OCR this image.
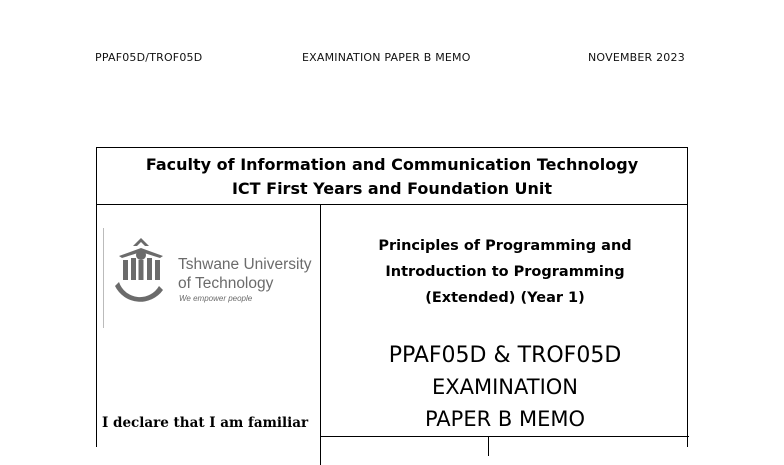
PPAF05D/TROF05D	EXAMINATION PAPER B MEMO	NOVEMBER 2023
Faculty of Information and Communication Technology
ICT First Years and Foundation Unit
Tshwane University
of Technology
We empower people
I declare that I am familiar
Principles of Programming and
Introduction to Programming
(Extended) (Year 1)
PPAF05D & TROF05D
EXAMINATION
PAPER B MEMO
